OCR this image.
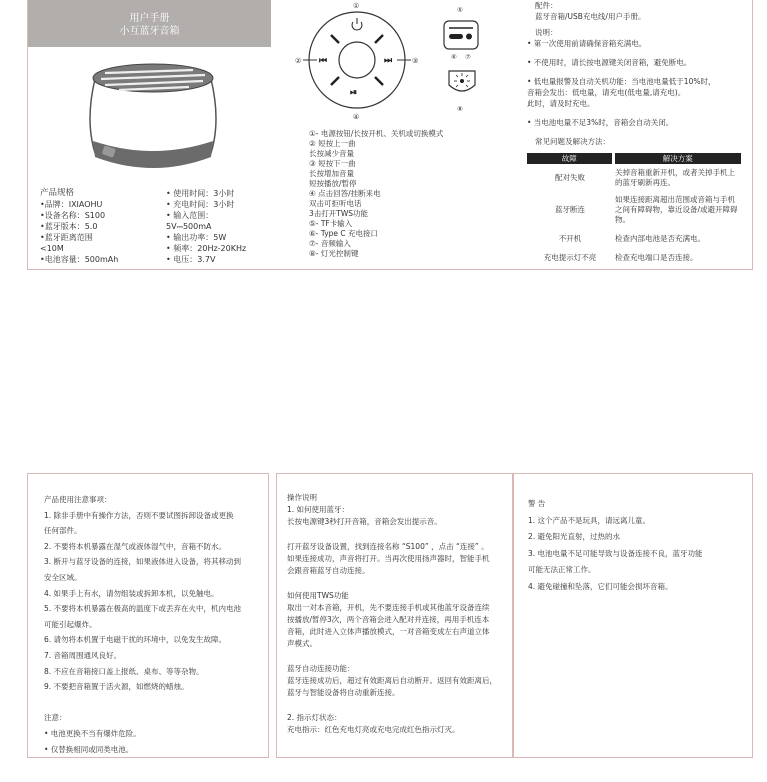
用户手册
小互蓝牙音箱
产品规格
•品牌：IXIAOHU
•设备名称：S100
•蓝牙版本：5.0
•蓝牙距离范围
<10M
•电池容量：500mAh
• 使用时间：3小时
• 充电时间：3小时
• 输入范围：
5V⎓500mA
• 输出功率：5W
• 频率：20Hz-20KHz
• 电压：3.7V
⏮	⏭
⏯
①
②	③
④
⑤
⑥ ⑦
⑧
①- 电源按钮/长按开机、关机或切换模式
② 短按上一曲
长按减少音量
③ 短按下一曲
长按增加音量
短按播放/暂停
④ 点击回答/挂断来电
双击可拒听电话
3击打开TWS功能
⑤- TF卡输入
⑥- Type C 充电接口
⑦- 音频输入
⑧- 灯光控制键
配件：
蓝牙音箱/USB充电线/用户手册。
说明：
• 第一次使用前请确保音箱充满电。
• 不使用时，请长按电源键关闭音箱，避免断电。
• 低电量报警及自动关机功能：当电池电量低于10%时，
音箱会发出：低电量，请充电(低电量,请充电)。
此时，请及时充电。
• 当电池电量不足3%时，音箱会自动关闭。
常见问题及解决方法：
故障	解决方案
配对失败	关掉音箱重新开机，或者关掉手机上的蓝牙刷新再连。
蓝牙断连	如果连接距离超出范围或音箱与手机之间有障碍物，靠近设备/或避开障碍物。
不开机	检查内部电池是否充满电。
充电提示灯不亮	检查充电端口是否连接。
产品使用注意事项：
1. 除非手册中有操作方法，否则不要试图拆卸设备或更换
任何部件。
2. 不要将本机暴露在湿气或液体湿气中，音箱不防水。
3. 断开与蓝牙设备的连接，如果液体进入设备，将其移动到
安全区域。
4. 如果手上有水，请勿组装或拆卸本机，以免触电。
5. 不要将本机暴露在极高的温度下或丢弃在火中，机内电池
可能引起爆炸。
6. 请勿将本机置于电磁干扰的环境中，以免发生故障。
7. 音箱周围通风良好。
8. 不应在音箱接口盖上报纸、桌布、等等杂物。
9. 不要把音箱置于活火源，如燃烧的蜡烛。
注意：
• 电池更换不当有爆炸危险。
• 仅替换相同或同类电池。
操作说明
1. 如何使用蓝牙：
长按电源键3秒打开音箱，音箱会发出提示音。
打开蓝牙设备设置，找到连接名称 “S100” ，点击 “连接” 。
如果连接成功，声音将打开。当再次使用扬声器时，智能手机
会跟音箱蓝牙自动连接。
如何使用TWS功能
取出一对本音箱，开机，先不要连接手机或其他蓝牙设备连续
按播放/暂停3次，两个音箱会进入配对并连接，再用手机连本
音箱，此时进入立体声播放模式，一对音箱变成左右声道立体
声模式。
蓝牙自动连接功能：
蓝牙连接成功后，超过有效距离后自动断开。返回有效距离后，
蓝牙与智能设备将自动重新连接。
2. 指示灯状态：
充电指示：红色充电灯亮或充电完成红色指示灯灭。
警 告
1. 这个产品不是玩具，请远离儿童。
2. 避免阳光直射，过热的水
3. 电池电量不足可能导致与设备连接不良，蓝牙功能
可能无法正常工作。
4. 避免碰撞和坠落，它们可能会损坏音箱。
